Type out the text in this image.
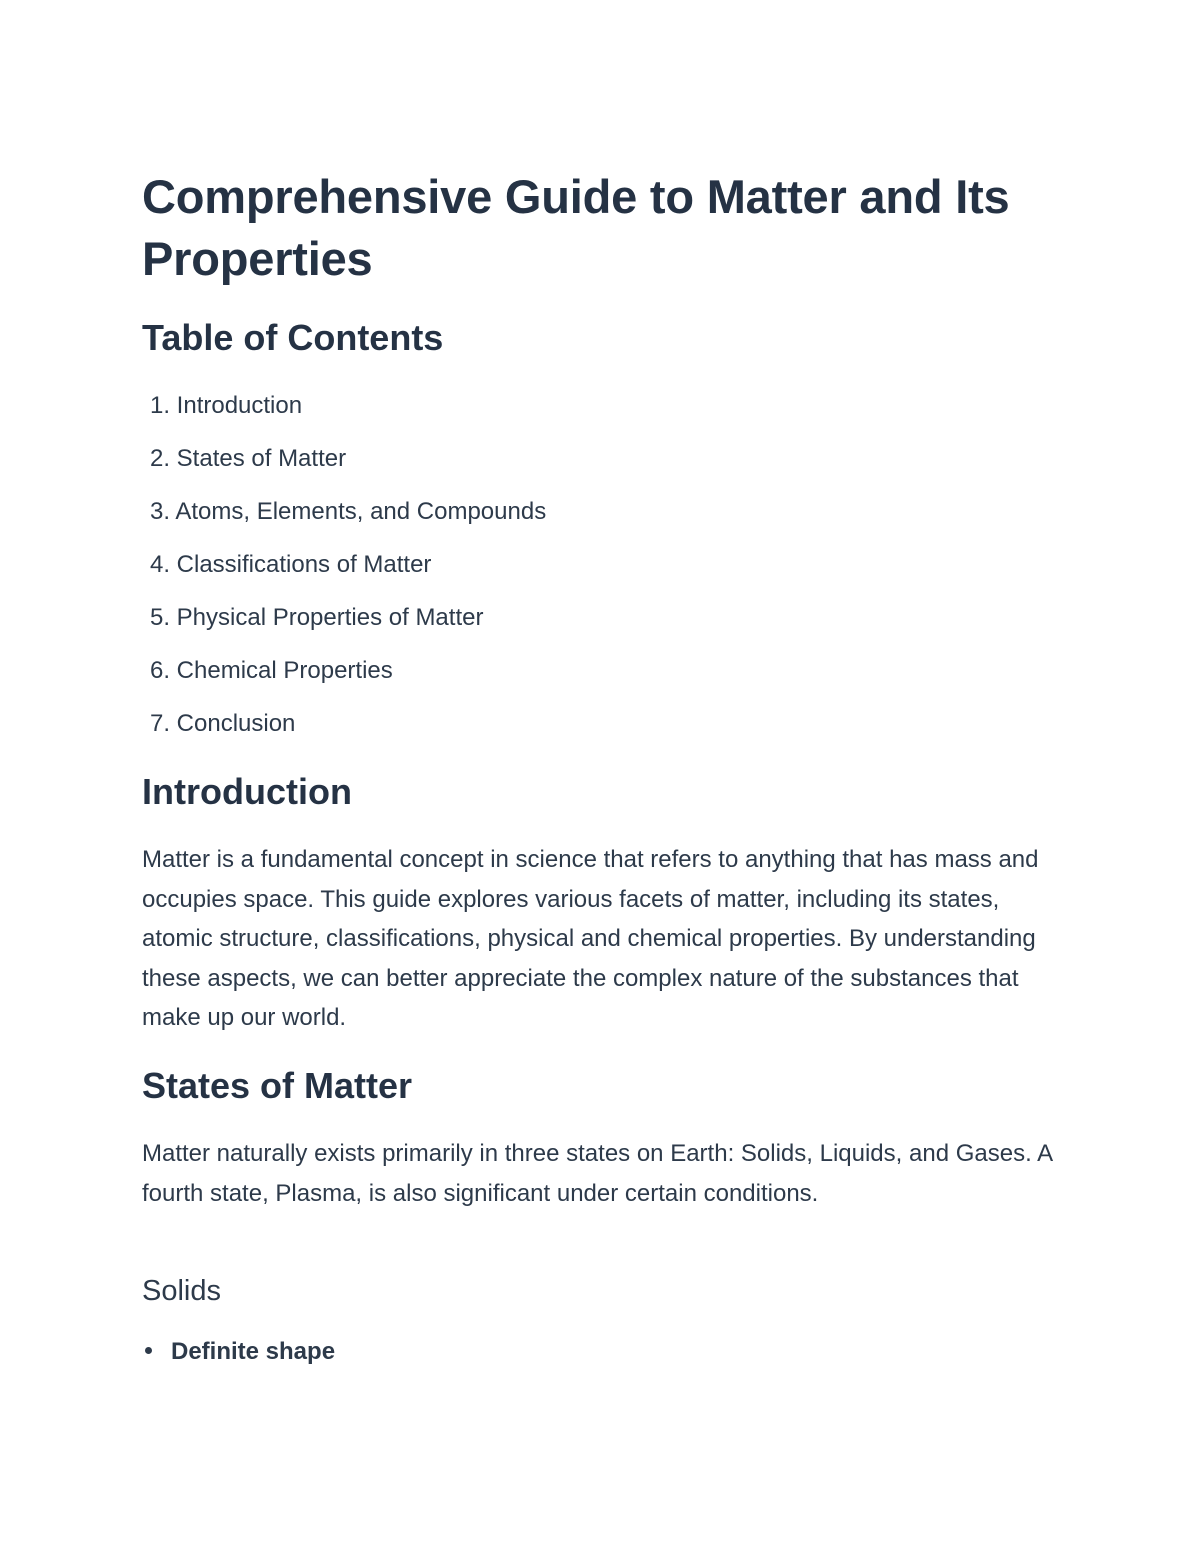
Comprehensive Guide to Matter and Its Properties
Table of Contents
1. Introduction
2. States of Matter
3. Atoms, Elements, and Compounds
4. Classifications of Matter
5. Physical Properties of Matter
6. Chemical Properties
7. Conclusion
Introduction

Matter is a fundamental concept in science that refers to anything that has mass and occupies space. This guide explores various facets of matter, including its states, atomic structure, classifications, physical and chemical properties. By understanding these aspects, we can better appreciate the complex nature of the substances that make up our world.

States of Matter

Matter naturally exists primarily in three states on Earth: Solids, Liquids, and Gases. A fourth state, Plasma, is also significant under certain conditions.

Solids
Definite shape
